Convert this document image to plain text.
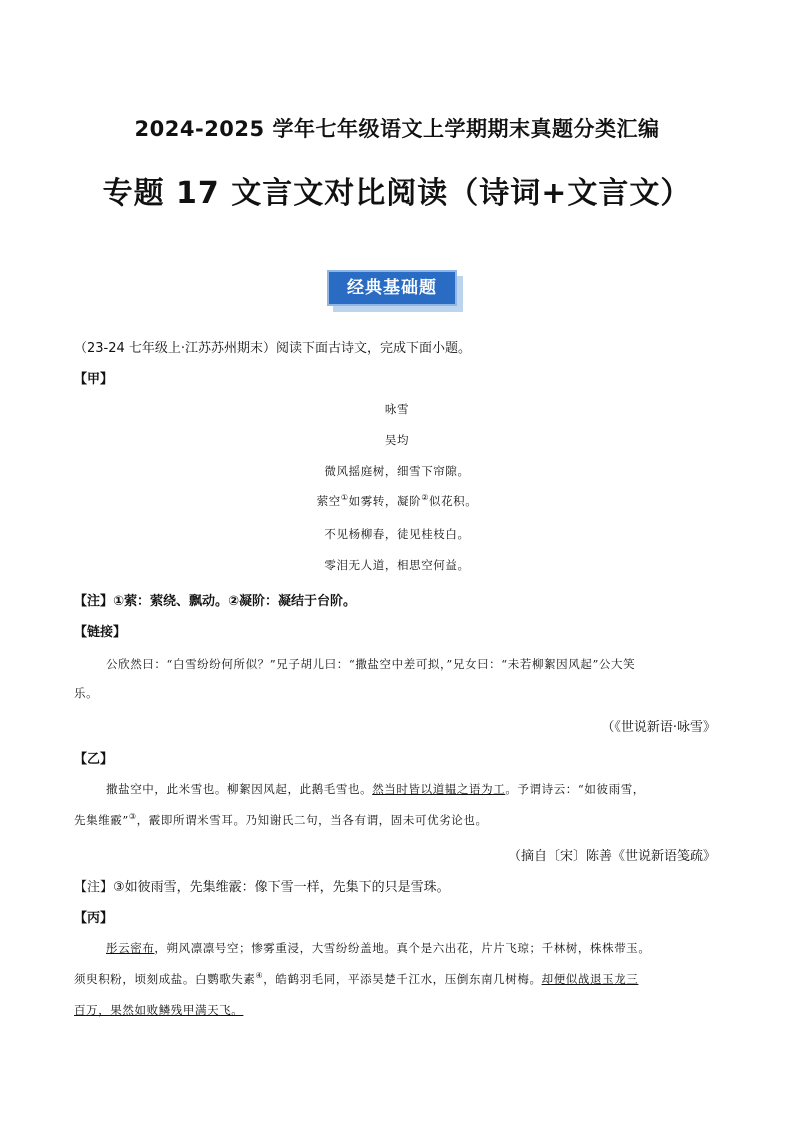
2024-2025 学年七年级语文上学期期末真题分类汇编
专题 17 文言文对比阅读（诗词+文言文）
经典基础题
（23-24 七年级上·江苏苏州期末）阅读下面古诗文，完成下面小题。
【甲】
咏雪
吴均
微风摇庭树，细雪下帘隙。
萦空①如雾转，凝阶②似花积。
不见杨柳春，徒见桂枝白。
零泪无人道，相思空何益。
【注】①萦：萦绕、飘动。②凝阶：凝结于台阶。
【链接】
公欣然曰：“白雪纷纷何所似？”兄子胡儿曰：“撒盐空中差可拟，”兄女曰：“未若柳絮因风起”公大笑
乐。
（《世说新语·咏雪》
【乙】
撒盐空中，此米雪也。柳絮因风起，此鹅毛雪也。然当时皆以道韫之语为工。予谓诗云：“如彼雨雪，
先集维霰”③，霰即所谓米雪耳。乃知谢氏二句，当各有谓，固未可优劣论也。
（摘自〔宋〕陈善《世说新语笺疏》
【注】③如彼雨雪，先集维霰：像下雪一样，先集下的只是雪珠。
【丙】
彤云密布，朔风凛凛号空；惨雾重浸，大雪纷纷盖地。真个是六出花，片片飞琼；千林树，株株带玉。
须臾积粉，顷刻成盐。白鹦歌失素④，皓鹤羽毛同，平添吴楚千江水，压倒东南几树梅。却便似战退玉龙三
百万，果然如败鳞残甲满天飞。
